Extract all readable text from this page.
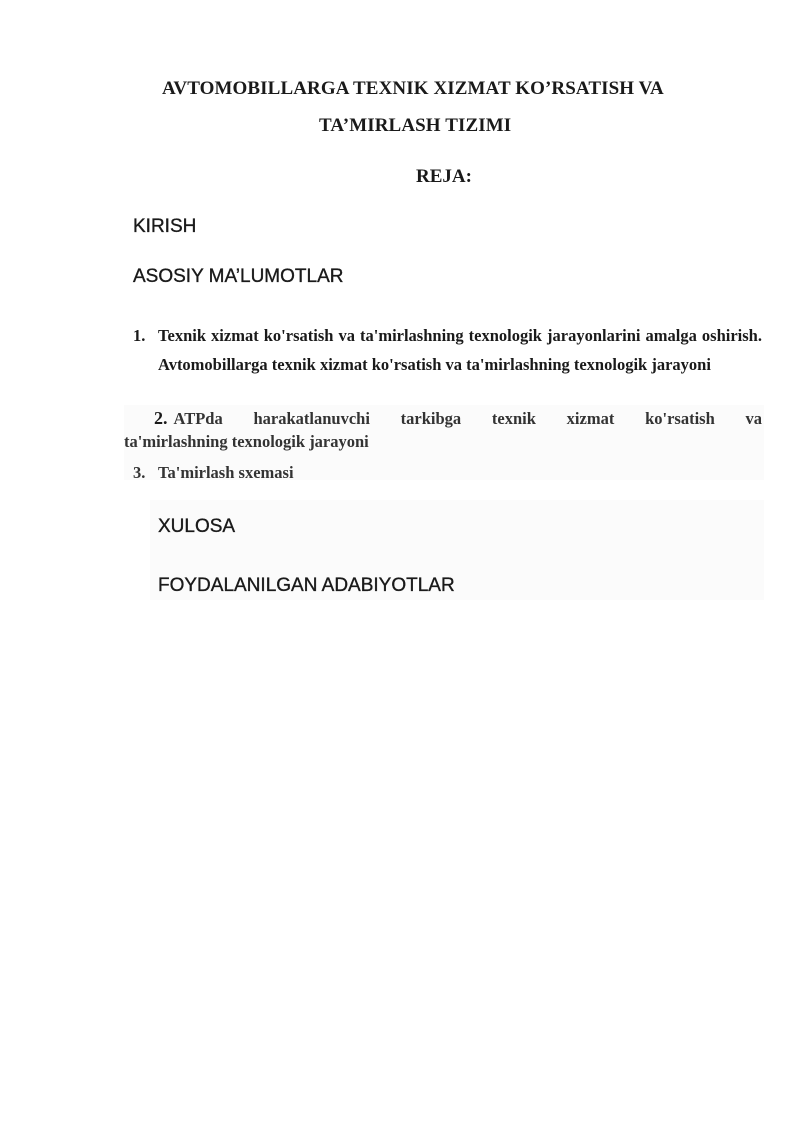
AVTOMOBILLARGA TEXNIK XIZMAT KO’RSATISH VA
TA’MIRLASH TIZIMI
REJA:
KIRISH
ASOSIY MA’LUMOTLAR
1. Texnik xizmat ko'rsatish va ta'mirlashning texnologik jarayonlarini amalga oshirish. Avtomobillarga texnik xizmat ko'rsatish va ta'mirlashning texnologik jarayoni
2. ATPda harakatlanuvchi tarkibga texnik xizmat ko'rsatish va
ta'mirlashning texnologik jarayoni
3. Ta'mirlash sxemasi
XULOSA
FOYDALANILGAN ADABIYOTLAR
